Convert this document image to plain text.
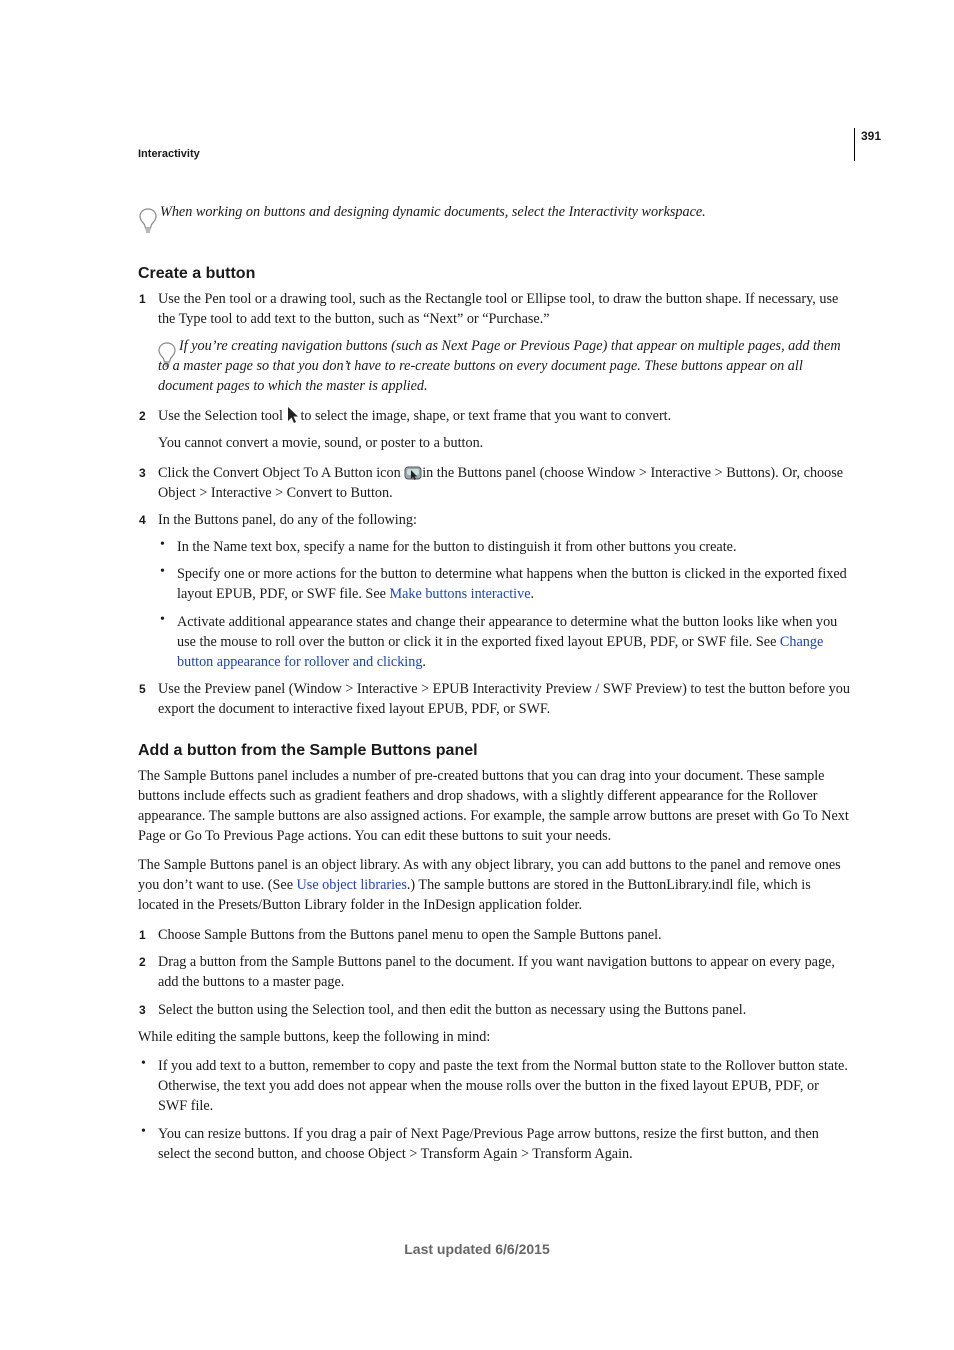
391
Interactivity
When working on buttons and designing dynamic documents, select the Interactivity workspace.
Create a button
1 Use the Pen tool or a drawing tool, such as the Rectangle tool or Ellipse tool, to draw the button shape. If necessary, use the Type tool to add text to the button, such as “Next” or “Purchase.”
If you’re creating navigation buttons (such as Next Page or Previous Page) that appear on multiple pages, add them to a master page so that you don’t have to re-create buttons on every document page. These buttons appear on all document pages to which the master is applied.
2 Use the Selection tool to select the image, shape, or text frame that you want to convert.
You cannot convert a movie, sound, or poster to a button.
3 Click the Convert Object To A Button icon in the Buttons panel (choose Window > Interactive > Buttons). Or, choose Object > Interactive > Convert to Button.
4 In the Buttons panel, do any of the following:
• In the Name text box, specify a name for the button to distinguish it from other buttons you create.
• Specify one or more actions for the button to determine what happens when the button is clicked in the exported fixed layout EPUB, PDF, or SWF file. See Make buttons interactive.
• Activate additional appearance states and change their appearance to determine what the button looks like when you use the mouse to roll over the button or click it in the exported fixed layout EPUB, PDF, or SWF file. See Change button appearance for rollover and clicking.
5 Use the Preview panel (Window > Interactive > EPUB Interactivity Preview / SWF Preview) to test the button before you export the document to interactive fixed layout EPUB, PDF, or SWF.
Add a button from the Sample Buttons panel
The Sample Buttons panel includes a number of pre-created buttons that you can drag into your document. These sample buttons include effects such as gradient feathers and drop shadows, with a slightly different appearance for the Rollover appearance. The sample buttons are also assigned actions. For example, the sample arrow buttons are preset with Go To Next Page or Go To Previous Page actions. You can edit these buttons to suit your needs.
The Sample Buttons panel is an object library. As with any object library, you can add buttons to the panel and remove ones you don’t want to use. (See Use object libraries.) The sample buttons are stored in the ButtonLibrary.indl file, which is located in the Presets/Button Library folder in the InDesign application folder.
1 Choose Sample Buttons from the Buttons panel menu to open the Sample Buttons panel.
2 Drag a button from the Sample Buttons panel to the document. If you want navigation buttons to appear on every page, add the buttons to a master page.
3 Select the button using the Selection tool, and then edit the button as necessary using the Buttons panel.
While editing the sample buttons, keep the following in mind:
• If you add text to a button, remember to copy and paste the text from the Normal button state to the Rollover button state. Otherwise, the text you add does not appear when the mouse rolls over the button in the fixed layout EPUB, PDF, or SWF file.
• You can resize buttons. If you drag a pair of Next Page/Previous Page arrow buttons, resize the first button, and then select the second button, and choose Object > Transform Again > Transform Again.
Last updated 6/6/2015
